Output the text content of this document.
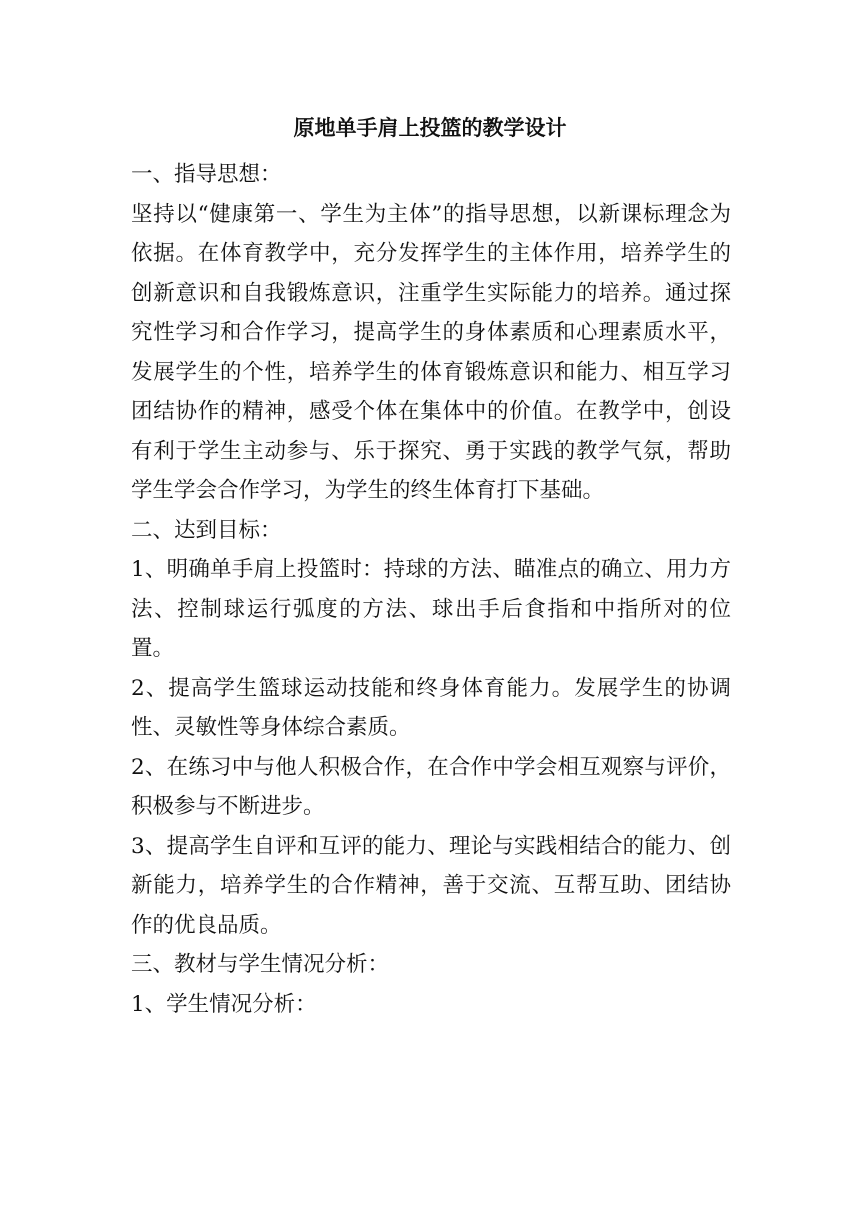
原地单手肩上投篮的教学设计

一、指导思想：

坚持以“健康第一、学生为主体”的指导思想，以新课标理念为依据。在体育教学中，充分发挥学生的主体作用，培养学生的创新意识和自我锻炼意识，注重学生实际能力的培养。通过探究性学习和合作学习，提高学生的身体素质和心理素质水平，发展学生的个性，培养学生的体育锻炼意识和能力、相互学习团结协作的精神，感受个体在集体中的价值。在教学中，创设有利于学生主动参与、乐于探究、勇于实践的教学气氛，帮助学生学会合作学习，为学生的终生体育打下基础。

二、达到目标：

1、明确单手肩上投篮时：持球的方法、瞄准点的确立、用力方法、控制球运行弧度的方法、球出手后食指和中指所对的位置。

2、提高学生篮球运动技能和终身体育能力。发展学生的协调性、灵敏性等身体综合素质。

2、在练习中与他人积极合作，在合作中学会相互观察与评价，积极参与不断进步。

3、提高学生自评和互评的能力、理论与实践相结合的能力、创新能力，培养学生的合作精神，善于交流、互帮互助、团结协作的优良品质。

三、教材与学生情况分析：

1、学生情况分析：
